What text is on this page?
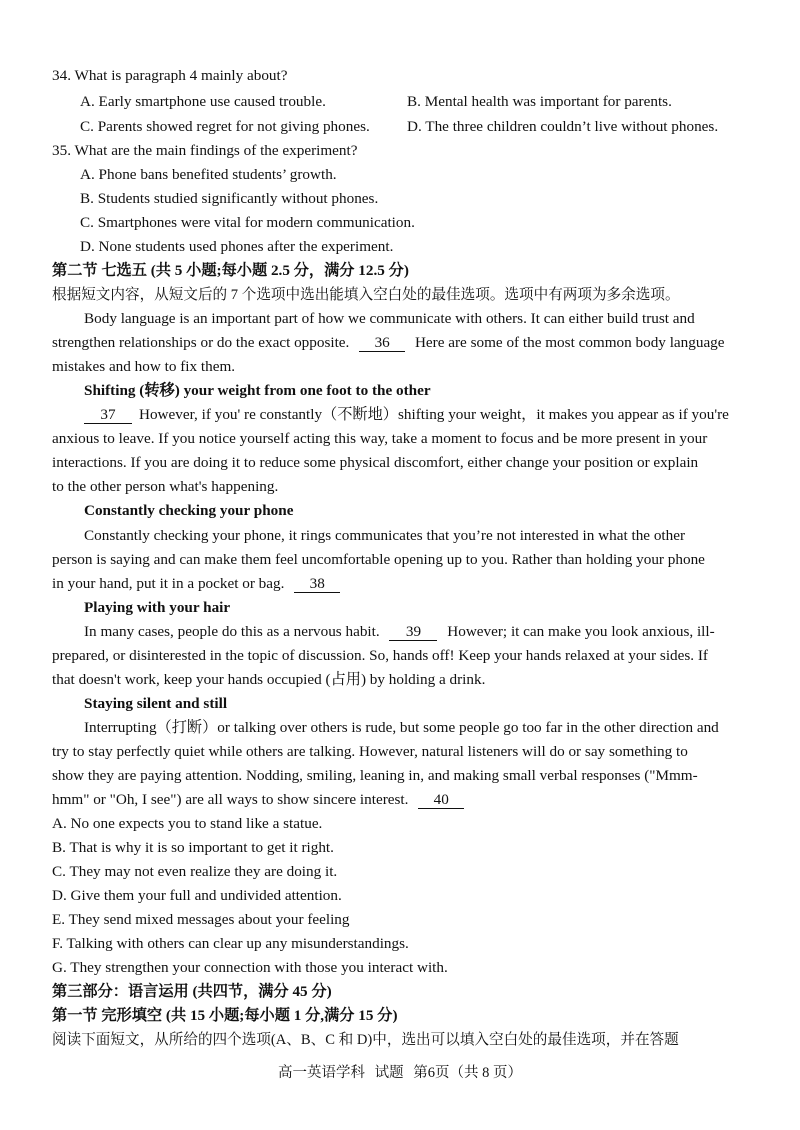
34. What is paragraph 4 mainly about?
A. Early smartphone use caused trouble.	B. Mental health was important for parents.
C. Parents showed regret for not giving phones. D. The three children couldn’t live without phones.
35. What are the main findings of the experiment?
A. Phone bans benefited students’ growth.
B. Students studied significantly without phones.
C. Smartphones were vital for modern communication.
D. None students used phones after the experiment.
第二节 七选五 (共 5 小题;每小题 2.5 分，满分 12.5 分)
根据短文内容，从短文后的 7 个选项中选出能填入空白处的最佳选项。选项中有两项为多余选项。
Body language is an important part of how we communicate with others. It can either build trust and
strengthen relationships or do the exact opposite. 36 Here are some of the most common body language
mistakes and how to fix them.
Shifting (转移) your weight from one foot to the other
37 However, if you' re constantly（不断地）shifting your weight，it makes you appear as if you're
anxious to leave. If you notice yourself acting this way, take a moment to focus and be more present in your
interactions. If you are doing it to reduce some physical discomfort, either change your position or explain
to the other person what's happening.
Constantly checking your phone
Constantly checking your phone, it rings communicates that you’re not interested in what the other
person is saying and can make them feel uncomfortable opening up to you. Rather than holding your phone
in your hand, put it in a pocket or bag. 38
Playing with your hair
In many cases, people do this as a nervous habit. 39 However; it can make you look anxious, ill-
prepared, or disinterested in the topic of discussion. So, hands off! Keep your hands relaxed at your sides. If
that doesn't work, keep your hands occupied (占用) by holding a drink.
Staying silent and still
Interrupting（打断）or talking over others is rude, but some people go too far in the other direction and
try to stay perfectly quiet while others are talking. However, natural listeners will do or say something to
show they are paying attention. Nodding, smiling, leaning in, and making small verbal responses ("Mmm-
hmm" or "Oh, I see") are all ways to show sincere interest. 40
A. No one expects you to stand like a statue.
B. That is why it is so important to get it right.
C. They may not even realize they are doing it.
D. Give them your full and undivided attention.
E. They send mixed messages about your feeling
F. Talking with others can clear up any misunderstandings.
G. They strengthen your connection with those you interact with.
第三部分：语言运用 (共四节，满分 45 分)
第一节 完形填空 (共 15 小题;每小题 1 分,满分 15 分)
阅读下面短文，从所给的四个选项(A、B、C 和 D)中，选出可以填入空白处的最佳选项，并在答题
高一英语学科 试题 第6页（共 8 页）
